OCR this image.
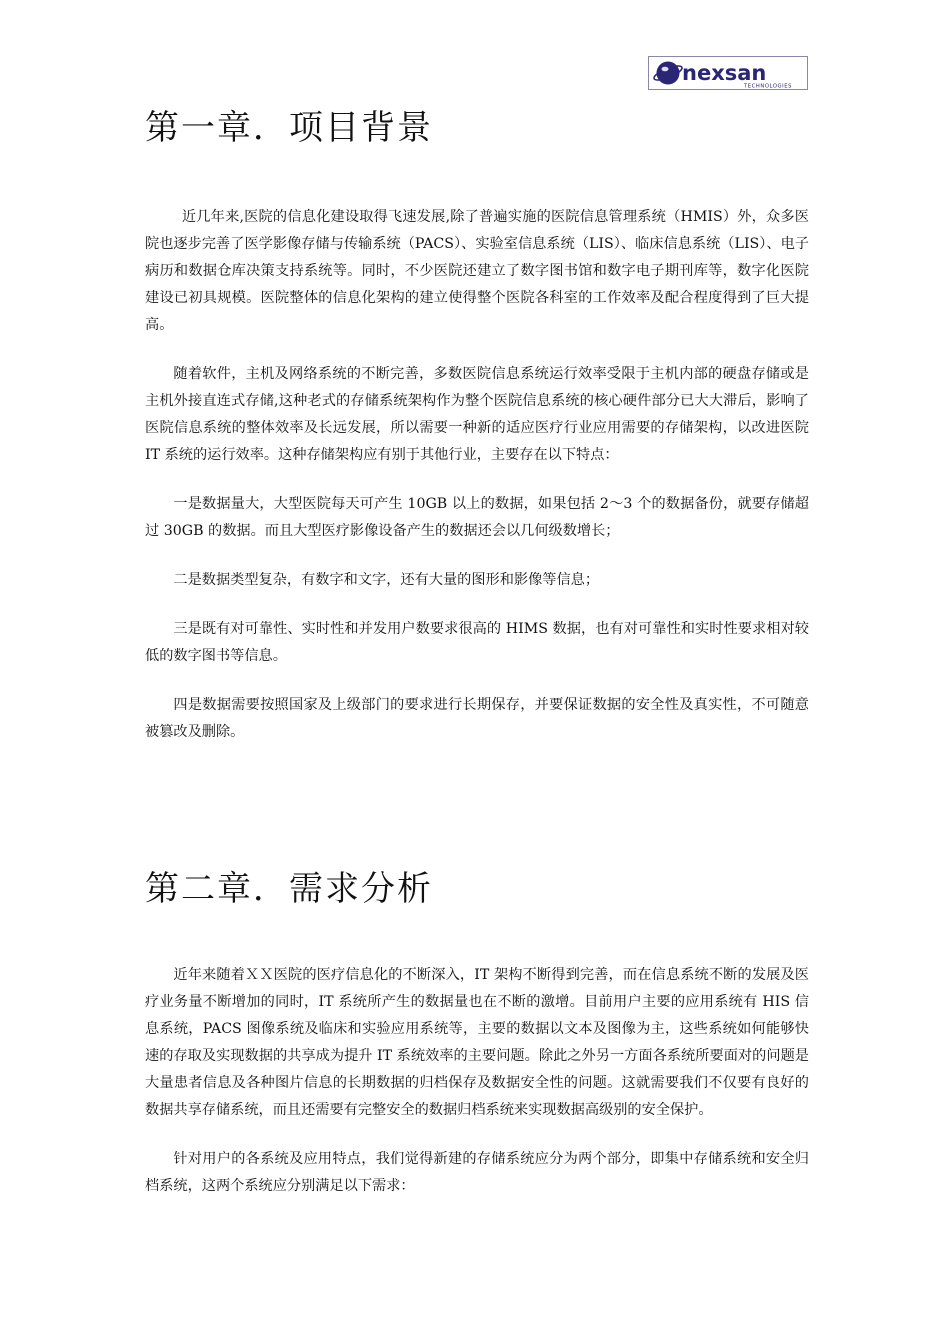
nexsan
TECHNOLOGIES
第一章．项目背景

近几年来,医院的信息化建设取得飞速发展,除了普遍实施的医院信息管理系统（HMIS）外，众多医院也逐步完善了医学影像存储与传输系统（PACS）、实验室信息系统（LIS）、临床信息系统（LIS）、电子病历和数据仓库决策支持系统等。同时，不少医院还建立了数字图书馆和数字电子期刊库等，数字化医院建设已初具规模。医院整体的信息化架构的建立使得整个医院各科室的工作效率及配合程度得到了巨大提高。

随着软件，主机及网络系统的不断完善，多数医院信息系统运行效率受限于主机内部的硬盘存储或是主机外接直连式存储,这种老式的存储系统架构作为整个医院信息系统的核心硬件部分已大大滞后，影响了医院信息系统的整体效率及长远发展，所以需要一种新的适应医疗行业应用需要的存储架构，以改进医院 IT 系统的运行效率。这种存储架构应有别于其他行业，主要存在以下特点：

一是数据量大，大型医院每天可产生 10GB 以上的数据，如果包括 2～3 个的数据备份，就要存储超过 30GB 的数据。而且大型医疗影像设备产生的数据还会以几何级数增长；

二是数据类型复杂，有数字和文字，还有大量的图形和影像等信息；

三是既有对可靠性、实时性和并发用户数要求很高的 HIMS 数据，也有对可靠性和实时性要求相对较低的数字图书等信息。

四是数据需要按照国家及上级部门的要求进行长期保存，并要保证数据的安全性及真实性，不可随意被篡改及删除。

第二章．需求分析

近年来随着ＸＸ医院的医疗信息化的不断深入，IT 架构不断得到完善，而在信息系统不断的发展及医疗业务量不断增加的同时，IT 系统所产生的数据量也在不断的激增。目前用户主要的应用系统有 HIS 信息系统，PACS 图像系统及临床和实验应用系统等，主要的数据以文本及图像为主，这些系统如何能够快速的存取及实现数据的共享成为提升 IT 系统效率的主要问题。除此之外另一方面各系统所要面对的问题是大量患者信息及各种图片信息的长期数据的归档保存及数据安全性的问题。这就需要我们不仅要有良好的数据共享存储系统，而且还需要有完整安全的数据归档系统来实现数据高级别的安全保护。

针对用户的各系统及应用特点，我们觉得新建的存储系统应分为两个部分，即集中存储系统和安全归档系统，这两个系统应分别满足以下需求：
